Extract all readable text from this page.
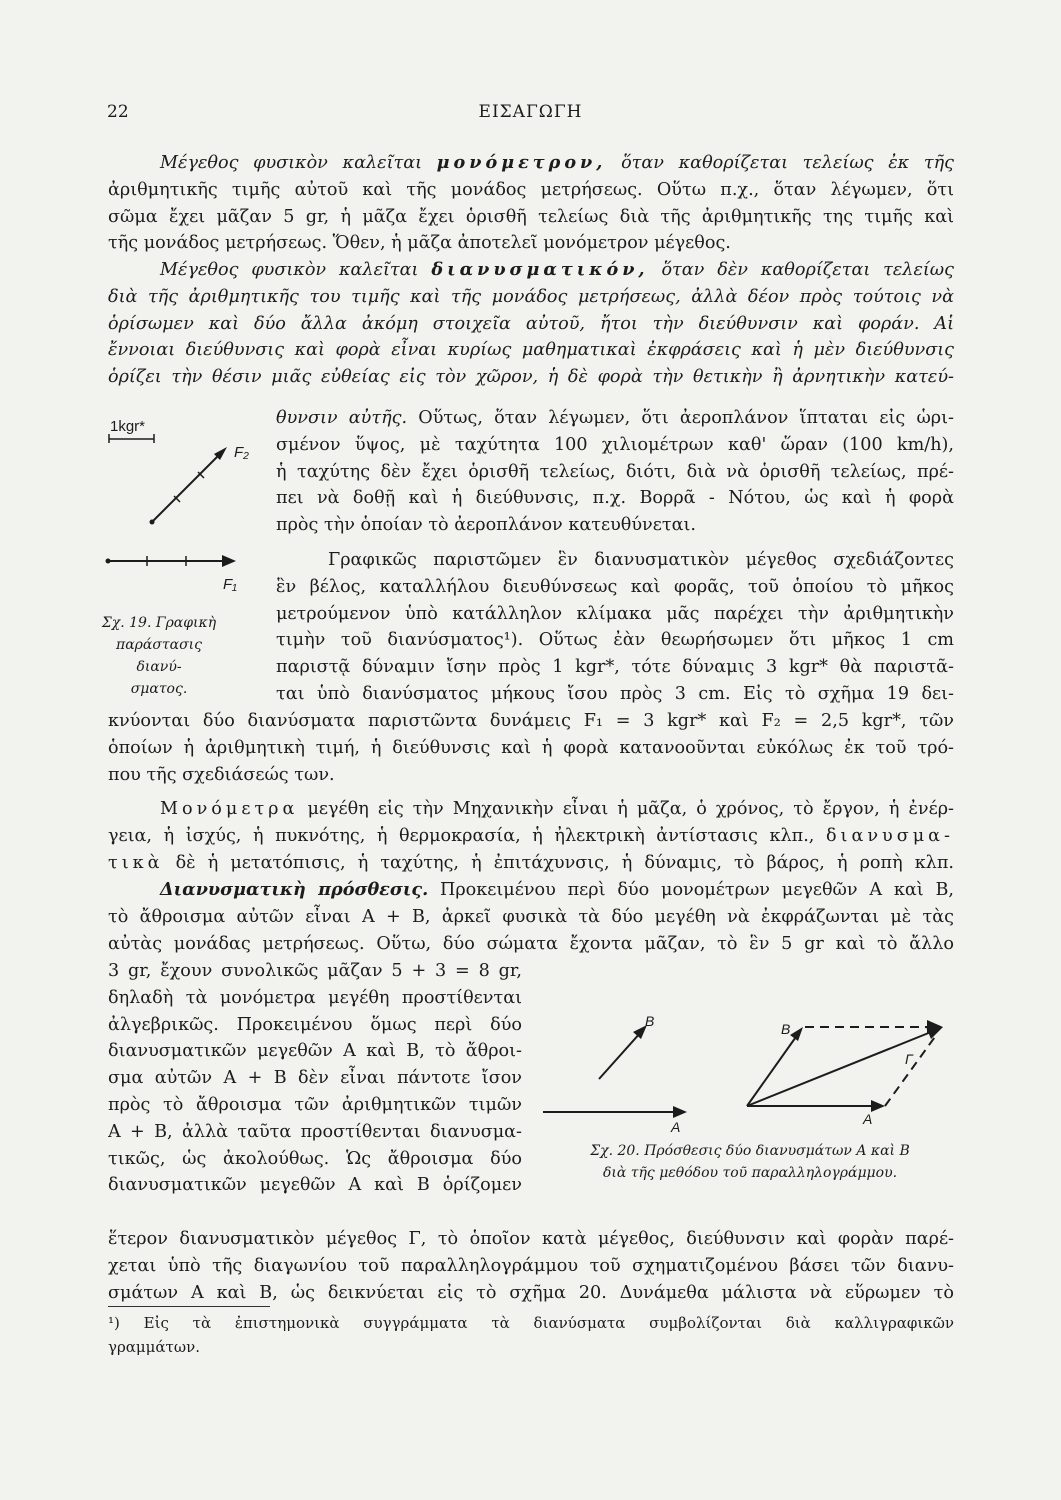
22	ΕΙΣΑΓΩΓΗ
Μέγεθος φυσικὸν καλεῖται μονόμετρον, ὅταν καθορίζεται τελείως ἐκ τῆς
ἀριθμητικῆς τιμῆς αὐτοῦ καὶ τῆς μονάδος μετρήσεως. Οὕτω π.χ., ὅταν λέγωμεν, ὅτι
σῶμα ἔχει μᾶζαν 5 gr, ἡ μᾶζα ἔχει ὁρισθῆ τελείως διὰ τῆς ἀριθμητικῆς της τιμῆς καὶ
τῆς μονάδος μετρήσεως. Ὅθεν, ἡ μᾶζα ἀποτελεῖ μονόμετρον μέγεθος.
Μέγεθος φυσικὸν καλεῖται διανυσματικόν, ὅταν δὲν καθορίζεται τελείως
διὰ τῆς ἀριθμητικῆς του τιμῆς καὶ τῆς μονάδος μετρήσεως, ἀλλὰ δέον πρὸς τούτοις νὰ
ὁρίσωμεν καὶ δύο ἄλλα ἀκόμη στοιχεῖα αὐτοῦ, ἤτοι τὴν διεύθυνσιν καὶ φοράν. Αἱ
ἔννοιαι διεύθυνσις καὶ φορὰ εἶναι κυρίως μαθηματικαὶ ἐκφράσεις καὶ ἡ μὲν διεύθυνσις
ὁρίζει τὴν θέσιν μιᾶς εὐθείας εἰς τὸν χῶρον, ἡ δὲ φορὰ τὴν θετικὴν ἢ ἀρνητικὴν κατεύ-
1kgr*
F₂
F₁
Σχ. 19. Γραφικὴ
παράστασις διανύ-
σματος.
θυνσιν αὐτῆς. Οὕτως, ὅταν λέγωμεν, ὅτι ἀεροπλάνον ἵπταται εἰς ὡρι-
σμένον ὕψος, μὲ ταχύτητα 100 χιλιομέτρων καθ' ὥραν (100 km/h),
ἡ ταχύτης δὲν ἔχει ὁρισθῆ τελείως, διότι, διὰ νὰ ὁρισθῆ τελείως, πρέ-
πει νὰ δοθῇ καὶ ἡ διεύθυνσις, π.χ. Βορρᾶ - Νότου, ὡς καὶ ἡ φορὰ
πρὸς τὴν ὁποίαν τὸ ἀεροπλάνον κατευθύνεται.
Γραφικῶς παριστῶμεν ἓν διανυσματικὸν μέγεθος σχεδιάζοντες
ἓν βέλος, καταλλήλου διευθύνσεως καὶ φορᾶς, τοῦ ὁποίου τὸ μῆκος
μετρούμενον ὑπὸ κατάλληλον κλίμακα μᾶς παρέχει τὴν ἀριθμητικὴν
τιμὴν τοῦ διανύσματος¹). Οὕτως ἐὰν θεωρήσωμεν ὅτι μῆκος 1 cm
παριστᾷ δύναμιν ἴσην πρὸς 1 kgr*, τότε δύναμις 3 kgr* θὰ παριστᾶ-
ται ὑπὸ διανύσματος μήκους ἴσου πρὸς 3 cm. Εἰς τὸ σχῆμα 19 δει-
κνύονται δύο διανύσματα παριστῶντα δυνάμεις F₁ = 3 kgr* καὶ F₂ = 2,5 kgr*, τῶν
ὁποίων ἡ ἀριθμητικὴ τιμή, ἡ διεύθυνσις καὶ ἡ φορὰ κατανοοῦνται εὐκόλως ἐκ τοῦ τρό-
που τῆς σχεδιάσεώς των.
Μονόμετρα μεγέθη εἰς τὴν Μηχανικὴν εἶναι ἡ μᾶζα, ὁ χρόνος, τὸ ἔργον, ἡ ἐνέρ-
γεια, ἡ ἰσχύς, ἡ πυκνότης, ἡ θερμοκρασία, ἡ ἠλεκτρικὴ ἀντίστασις κλπ., διανυσμα-
τικὰ δὲ ἡ μετατόπισις, ἡ ταχύτης, ἡ ἐπιτάχυνσις, ἡ δύναμις, τὸ βάρος, ἡ ροπὴ κλπ.
Διανυσματικὴ πρόσθεσις. Προκειμένου περὶ δύο μονομέτρων μεγεθῶν Α καὶ Β,
τὸ ἄθροισμα αὐτῶν εἶναι Α + Β, ἀρκεῖ φυσικὰ τὰ δύο μεγέθη νὰ ἐκφράζωνται μὲ τὰς
αὐτὰς μονάδας μετρήσεως. Οὕτω, δύο σώματα ἔχοντα μᾶζαν, τὸ ἓν 5 gr καὶ τὸ ἄλλο
3 gr, ἔχουν συνολικῶς μᾶζαν 5 + 3 = 8 gr,
δηλαδὴ τὰ μονόμετρα μεγέθη προστίθενται
ἀλγεβρικῶς. Προκειμένου ὅμως περὶ δύο
διανυσματικῶν μεγεθῶν Α καὶ Β, τὸ ἄθροι-
σμα αὐτῶν Α + Β δὲν εἶναι πάντοτε ἴσον
πρὸς τὸ ἄθροισμα τῶν ἀριθμητικῶν τιμῶν
Α + Β, ἀλλὰ ταῦτα προστίθενται διανυσμα-
τικῶς, ὡς ἀκολούθως. Ὡς ἄθροισμα δύο
διανυσματικῶν μεγεθῶν Α καὶ Β ὁρίζομεν
ἕτερον διανυσματικὸν μέγεθος Γ, τὸ ὁποῖον κατὰ μέγεθος, διεύθυνσιν καὶ φορὰν παρέ-
χεται ὑπὸ τῆς διαγωνίου τοῦ παραλληλογράμμου τοῦ σχηματιζομένου βάσει τῶν διανυ-
σμάτων Α καὶ Β, ὡς δεικνύεται εἰς τὸ σχῆμα 20. Δυνάμεθα μάλιστα νὰ εὕρωμεν τὸ
B
A
B
A
Γ
Σχ. 20. Πρόσθεσις δύο διανυσμάτων Α καὶ Β
διὰ τῆς μεθόδου τοῦ παραλληλογράμμου.
¹) Εἰς τὰ ἐπιστημονικὰ συγγράμματα τὰ διανύσματα συμβολίζονται διὰ καλλιγραφικῶν
γραμμάτων.
